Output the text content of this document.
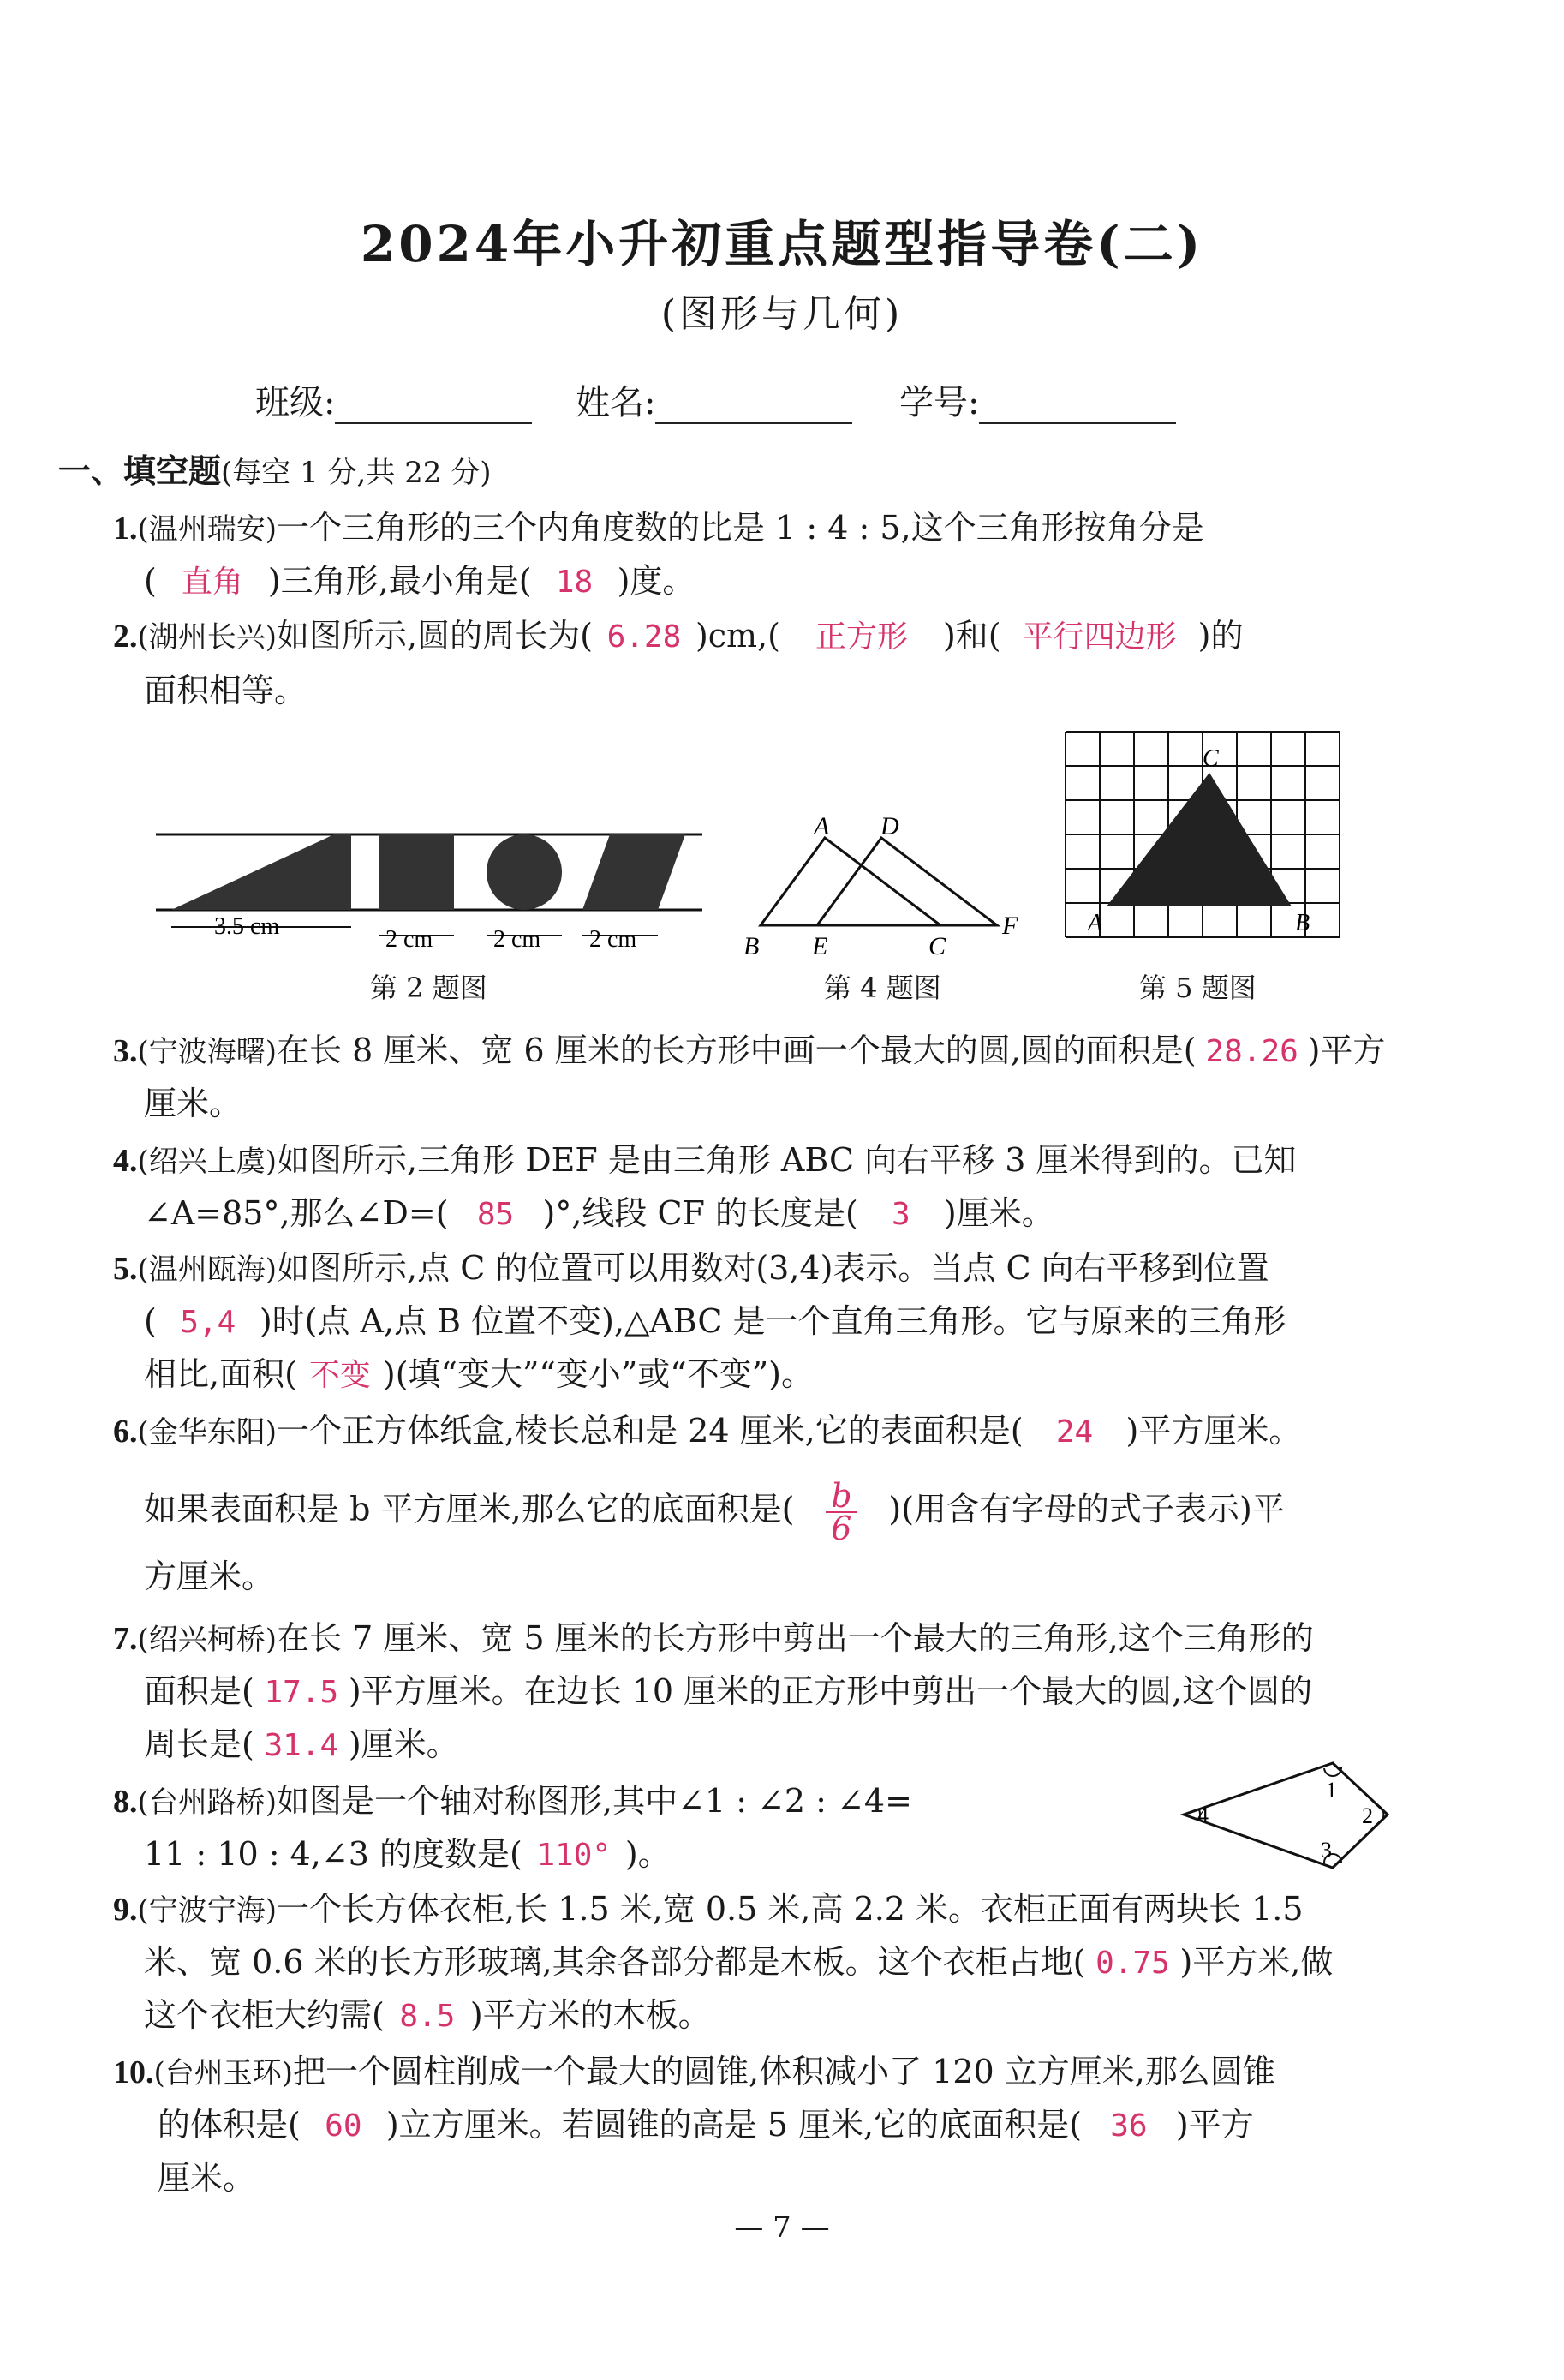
2024年小升初重点题型指导卷(二)
(图形与几何)
班级:	姓名:	学号:
一、填空题(每空 1 分,共 22 分)
1.(温州瑞安)一个三角形的三个内角度数的比是 1 : 4 : 5,这个三角形按角分是
( 直角 )三角形,最小角是( 18 )度。
2.(湖州长兴)如图所示,圆的周长为( 6.28 )cm,( 正方形 )和( 平行四边形 )的
面积相等。
3.5 cm	2 cm	2 cm 2 cm
第 2 题图
A D
B E	C
F
第 4 题图
C
A	B
第 5 题图
3.(宁波海曙)在长 8 厘米、宽 6 厘米的长方形中画一个最大的圆,圆的面积是( 28.26 )平方
厘米。
4.(绍兴上虞)如图所示,三角形 DEF 是由三角形 ABC 向右平移 3 厘米得到的。已知
∠A=85°,那么∠D=( 85 )°,线段 CF 的长度是( 3 )厘米。
5.(温州瓯海)如图所示,点 C 的位置可以用数对(3,4)表示。当点 C 向右平移到位置
( 5,4 )时(点 A,点 B 位置不变),△ABC 是一个直角三角形。它与原来的三角形
相比,面积( 不变 )(填“变大”“变小”或“不变”)。
6.(金华东阳)一个正方体纸盒,棱长总和是 24 厘米,它的表面积是( 24 )平方厘米。
如果表面积是 b 平方厘米,那么它的底面积是( $\frac{b}{6}$ )(用含有字母的式子表示)平
方厘米。
7.(绍兴柯桥)在长 7 厘米、宽 5 厘米的长方形中剪出一个最大的三角形,这个三角形的
面积是( 17.5 )平方厘米。在边长 10 厘米的正方形中剪出一个最大的圆,这个圆的
周长是( 31.4 )厘米。
8.(台州路桥)如图是一个轴对称图形,其中∠1 : ∠2 : ∠4=
11 : 10 : 4,∠3 的度数是( 110° )。
1
2
3
4
9.(宁波宁海)一个长方体衣柜,长 1.5 米,宽 0.5 米,高 2.2 米。衣柜正面有两块长 1.5
米、宽 0.6 米的长方形玻璃,其余各部分都是木板。这个衣柜占地( 0.75 )平方米,做
这个衣柜大约需( 8.5 )平方米的木板。
10.(台州玉环)把一个圆柱削成一个最大的圆锥,体积减小了 120 立方厘米,那么圆锥
的体积是( 60 )立方厘米。若圆锥的高是 5 厘米,它的底面积是( 36 )平方
厘米。
— 7 —
